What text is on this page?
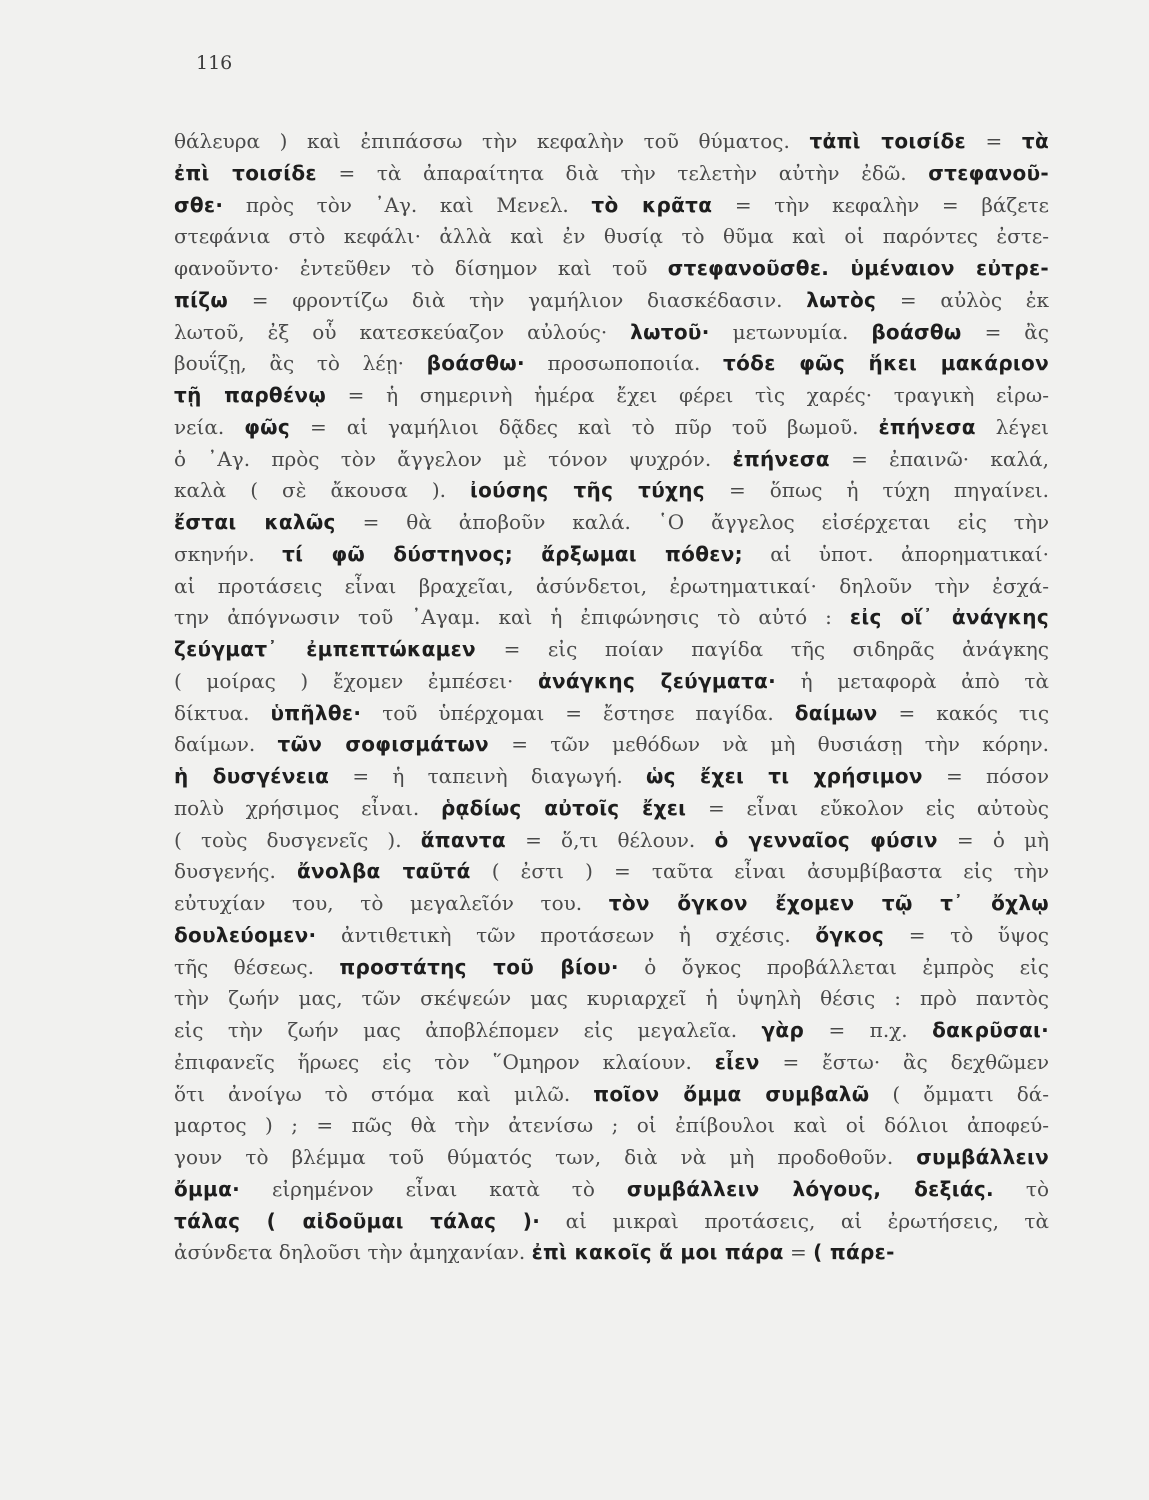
116
θάλευρα ) καὶ ἐπιπάσσω τὴν κεφαλὴν τοῦ θύματος. τἀπὶ τοισίδε = τὰ
ἐπὶ τοισίδε = τὰ ἀπαραίτητα διὰ τὴν τελετὴν αὐτὴν ἐδῶ. στεφανοῦ-
σθε· πρὸς τὸν ᾿Αγ. καὶ Μενελ. τὸ κρᾶτα = τὴν κεφαλὴν = βάζετε
στεφάνια στὸ κεφάλι· ἀλλὰ καὶ ἐν θυσίᾳ τὸ θῦμα καὶ οἱ παρόντες ἐστε-
φανοῦντο· ἐντεῦθεν τὸ δίσημον καὶ τοῦ στεφανοῦσθε. ὑμέναιον εὐτρε-
πίζω = φροντίζω διὰ τὴν γαμήλιον διασκέδασιν. λωτὸς = αὐλὸς ἐκ
λωτοῦ, ἐξ οὗ κατεσκεύαζον αὐλούς· λωτοῦ· μετωνυμία. βοάσθω = ἂς
βουΐζῃ, ἂς τὸ λέῃ· βοάσθω· προσωποποιία. τόδε φῶς ἥκει μακάριον
τῇ παρθένῳ = ἡ σημερινὴ ἡμέρα ἔχει φέρει τὶς χαρές· τραγικὴ εἰρω-
νεία. φῶς = αἱ γαμήλιοι δᾷδες καὶ τὸ πῦρ τοῦ βωμοῦ. ἐπήνεσα λέγει
ὁ ᾿Αγ. πρὸς τὸν ἄγγελον μὲ τόνον ψυχρόν. ἐπήνεσα = ἐπαινῶ· καλά,
καλὰ ( σὲ ἄκουσα ). ἰούσης τῆς τύχης = ὅπως ἡ τύχη πηγαίνει.
ἔσται καλῶς = θὰ ἀποβοῦν καλά. ῾Ο ἄγγελος εἰσέρχεται εἰς τὴν
σκηνήν. τί φῶ δύστηνος; ἄρξωμαι πόθεν; αἱ ὑποτ. ἀπορηματικαί·
αἱ προτάσεις εἶναι βραχεῖαι, ἀσύνδετοι, ἐρωτηματικαί· δηλοῦν τὴν ἐσχά-
την ἀπόγνωσιν τοῦ ᾿Αγαμ. καὶ ἡ ἐπιφώνησις τὸ αὐτό : εἰς οἵ᾿ ἀνάγκης
ζεύγματ᾿ ἐμπεπτώκαμεν = εἰς ποίαν παγίδα τῆς σιδηρᾶς ἀνάγκης
( μοίρας ) ἔχομεν ἐμπέσει· ἀνάγκης ζεύγματα· ἡ μεταφορὰ ἀπὸ τὰ
δίκτυα. ὑπῆλθε· τοῦ ὑπέρχομαι = ἔστησε παγίδα. δαίμων = κακός τις
δαίμων. τῶν σοφισμάτων = τῶν μεθόδων νὰ μὴ θυσιάσῃ τὴν κόρην.
ἡ δυσγένεια = ἡ ταπεινὴ διαγωγή. ὡς ἔχει τι χρήσιμον = πόσον
πολὺ χρήσιμος εἶναι. ῥᾳδίως αὐτοῖς ἔχει = εἶναι εὔκολον εἰς αὐτοὺς
( τοὺς δυσγενεῖς ). ἅπαντα = ὅ,τι θέλουν. ὁ γενναῖος φύσιν = ὁ μὴ
δυσγενής. ἄνολβα ταῦτά ( ἐστι ) = ταῦτα εἶναι ἀσυμβίβαστα εἰς τὴν
εὐτυχίαν του, τὸ μεγαλεῖόν του. τὸν ὄγκον ἔχομεν τῷ τ᾿ ὄχλῳ
δουλεύομεν· ἀντιθετικὴ τῶν προτάσεων ἡ σχέσις. ὄγκος = τὸ ὕψος
τῆς θέσεως. προστάτης τοῦ βίου· ὁ ὄγκος προβάλλεται ἐμπρὸς εἰς
τὴν ζωήν μας, τῶν σκέψεών μας κυριαρχεῖ ἡ ὑψηλὴ θέσις : πρὸ παντὸς
εἰς τὴν ζωήν μας ἀποβλέπομεν εἰς μεγαλεῖα. γὰρ = π.χ. δακρῦσαι·
ἐπιφανεῖς ἥρωες εἰς τὸν ῞Ομηρον κλαίουν. εἶεν = ἔστω· ἂς δεχθῶμεν
ὅτι ἀνοίγω τὸ στόμα καὶ μιλῶ. ποῖον ὄμμα συμβαλῶ ( ὄμματι δά-
μαρτος ) ; = πῶς θὰ τὴν ἀτενίσω ; οἱ ἐπίβουλοι καὶ οἱ δόλιοι ἀποφεύ-
γουν τὸ βλέμμα τοῦ θύματός των, διὰ νὰ μὴ προδοθοῦν. συμβάλλειν
ὄμμα· εἰρημένον εἶναι κατὰ τὸ συμβάλλειν λόγους, δεξιάς. τὸ
τάλας ( αἰδοῦμαι τάλας )· αἱ μικραὶ προτάσεις, αἱ ἐρωτήσεις, τὰ
ἀσύνδετα δηλοῦσι τὴν ἀμηχανίαν. ἐπὶ κακοῖς ἅ μοι πάρα = ( πάρε-
